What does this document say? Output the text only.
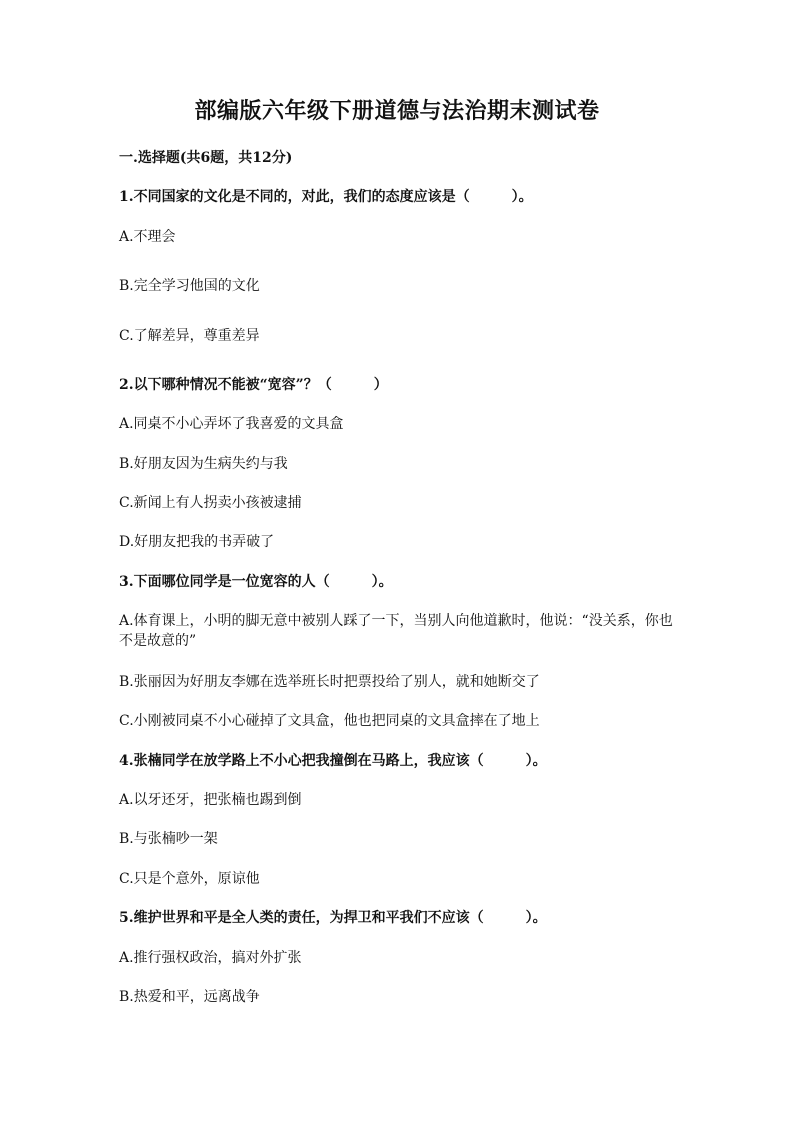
部编版六年级下册道德与法治期末测试卷
一.选择题(共6题，共12分)
1.不同国家的文化是不同的，对此，我们的态度应该是（　　　）。
A.不理会
B.完全学习他国的文化
C.了解差异，尊重差异
2.以下哪种情况不能被“宽容”？（　　　）
A.同桌不小心弄坏了我喜爱的文具盒
B.好朋友因为生病失约与我
C.新闻上有人拐卖小孩被逮捕
D.好朋友把我的书弄破了
3.下面哪位同学是一位宽容的人（　　　）。
A.体育课上，小明的脚无意中被别人踩了一下，当别人向他道歉时，他说：“没关系，你也不是故意的”
B.张丽因为好朋友李娜在选举班长时把票投给了别人，就和她断交了
C.小刚被同桌不小心碰掉了文具盒，他也把同桌的文具盒摔在了地上
4.张楠同学在放学路上不小心把我撞倒在马路上，我应该（　　　）。
A.以牙还牙，把张楠也踢到倒
B.与张楠吵一架
C.只是个意外，原谅他
5.维护世界和平是全人类的责任，为捍卫和平我们不应该（　　　）。
A.推行强权政治，搞对外扩张
B.热爱和平，远离战争
